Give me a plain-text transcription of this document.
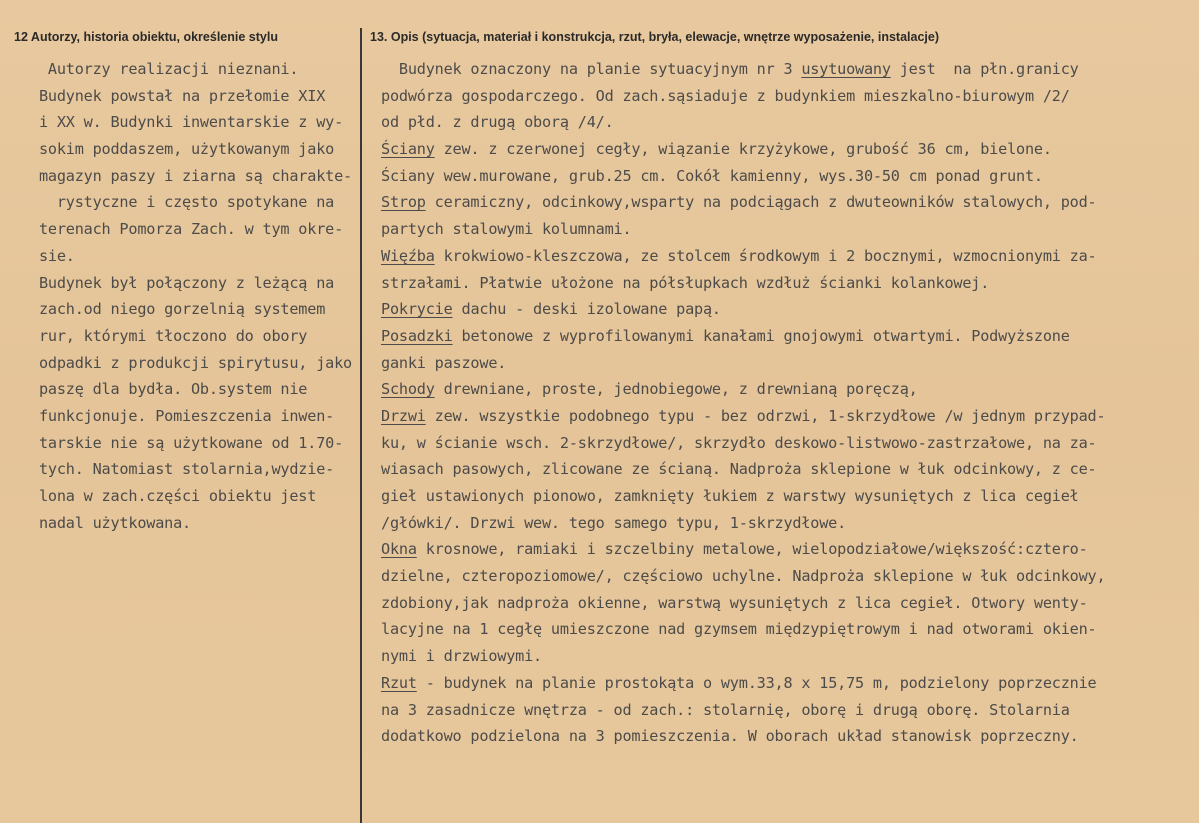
12 Autorzy, historia obiektu, określenie stylu	13. Opis (sytuacja, materiał i konstrukcja, rzut, bryła, elewacje, wnętrze wyposażenie, instalacje)
Autorzy realizacji nieznani.
Budynek powstał na przełomie XIX
i XX w. Budynki inwentarskie z wy-
sokim poddaszem, użytkowanym jako
magazyn paszy i ziarna są charakte-
rystyczne i często spotykane na
terenach Pomorza Zach. w tym okre-
sie.
Budynek był połączony z leżącą na
zach.od niego gorzelnią systemem
rur, którymi tłoczono do obory
odpadki z produkcji spirytusu, jako
paszę dla bydła. Ob.system nie
funkcjonuje. Pomieszczenia inwen-
tarskie nie są użytkowane od 1.70-
tych. Natomiast stolarnia,wydzie-
lona w zach.części obiektu jest
nadal użytkowana.
Budynek oznaczony na planie sytuacyjnym nr 3 usytuowany jest  na płn.granicy
podwórza gospodarczego. Od zach.sąsiaduje z budynkiem mieszkalno-biurowym /2/
od płd. z drugą oborą /4/.
Ściany zew. z czerwonej cegły, wiązanie krzyżykowe, grubość 36 cm, bielone.
Ściany wew.murowane, grub.25 cm. Cokół kamienny, wys.30-50 cm ponad grunt.
Strop ceramiczny, odcinkowy,wsparty na podciągach z dwuteowników stalowych, pod-
partych stalowymi kolumnami.
Więźba krokwiowo-kleszczowa, ze stolcem środkowym i 2 bocznymi, wzmocnionymi za-
strzałami. Płatwie ułożone na półsłupkach wzdłuż ścianki kolankowej.
Pokrycie dachu - deski izolowane papą.
Posadzki betonowe z wyprofilowanymi kanałami gnojowymi otwartymi. Podwyższone
ganki paszowe.
Schody drewniane, proste, jednobiegowe, z drewnianą poręczą,
Drzwi zew. wszystkie podobnego typu - bez odrzwi, 1-skrzydłowe /w jednym przypad-
ku, w ścianie wsch. 2-skrzydłowe/, skrzydło deskowo-listwowo-zastrzałowe, na za-
wiasach pasowych, zlicowane ze ścianą. Nadproża sklepione w łuk odcinkowy, z ce-
gieł ustawionych pionowo, zamknięty łukiem z warstwy wysuniętych z lica cegieł
/główki/. Drzwi wew. tego samego typu, 1-skrzydłowe.
Okna krosnowe, ramiaki i szczelbiny metalowe, wielopodziałowe/większość:cztero-
dzielne, czteropoziomowe/, częściowo uchylne. Nadproża sklepione w łuk odcinkowy,
zdobiony,jak nadproża okienne, warstwą wysuniętych z lica cegieł. Otwory wenty-
lacyjne na 1 cegłę umieszczone nad gzymsem międzypiętrowym i nad otworami okien-
nymi i drzwiowymi.
Rzut - budynek na planie prostokąta o wym.33,8 x 15,75 m, podzielony poprzecznie
na 3 zasadnicze wnętrza - od zach.: stolarnię, oborę i drugą oborę. Stolarnia
dodatkowo podzielona na 3 pomieszczenia. W oborach układ stanowisk poprzeczny.
